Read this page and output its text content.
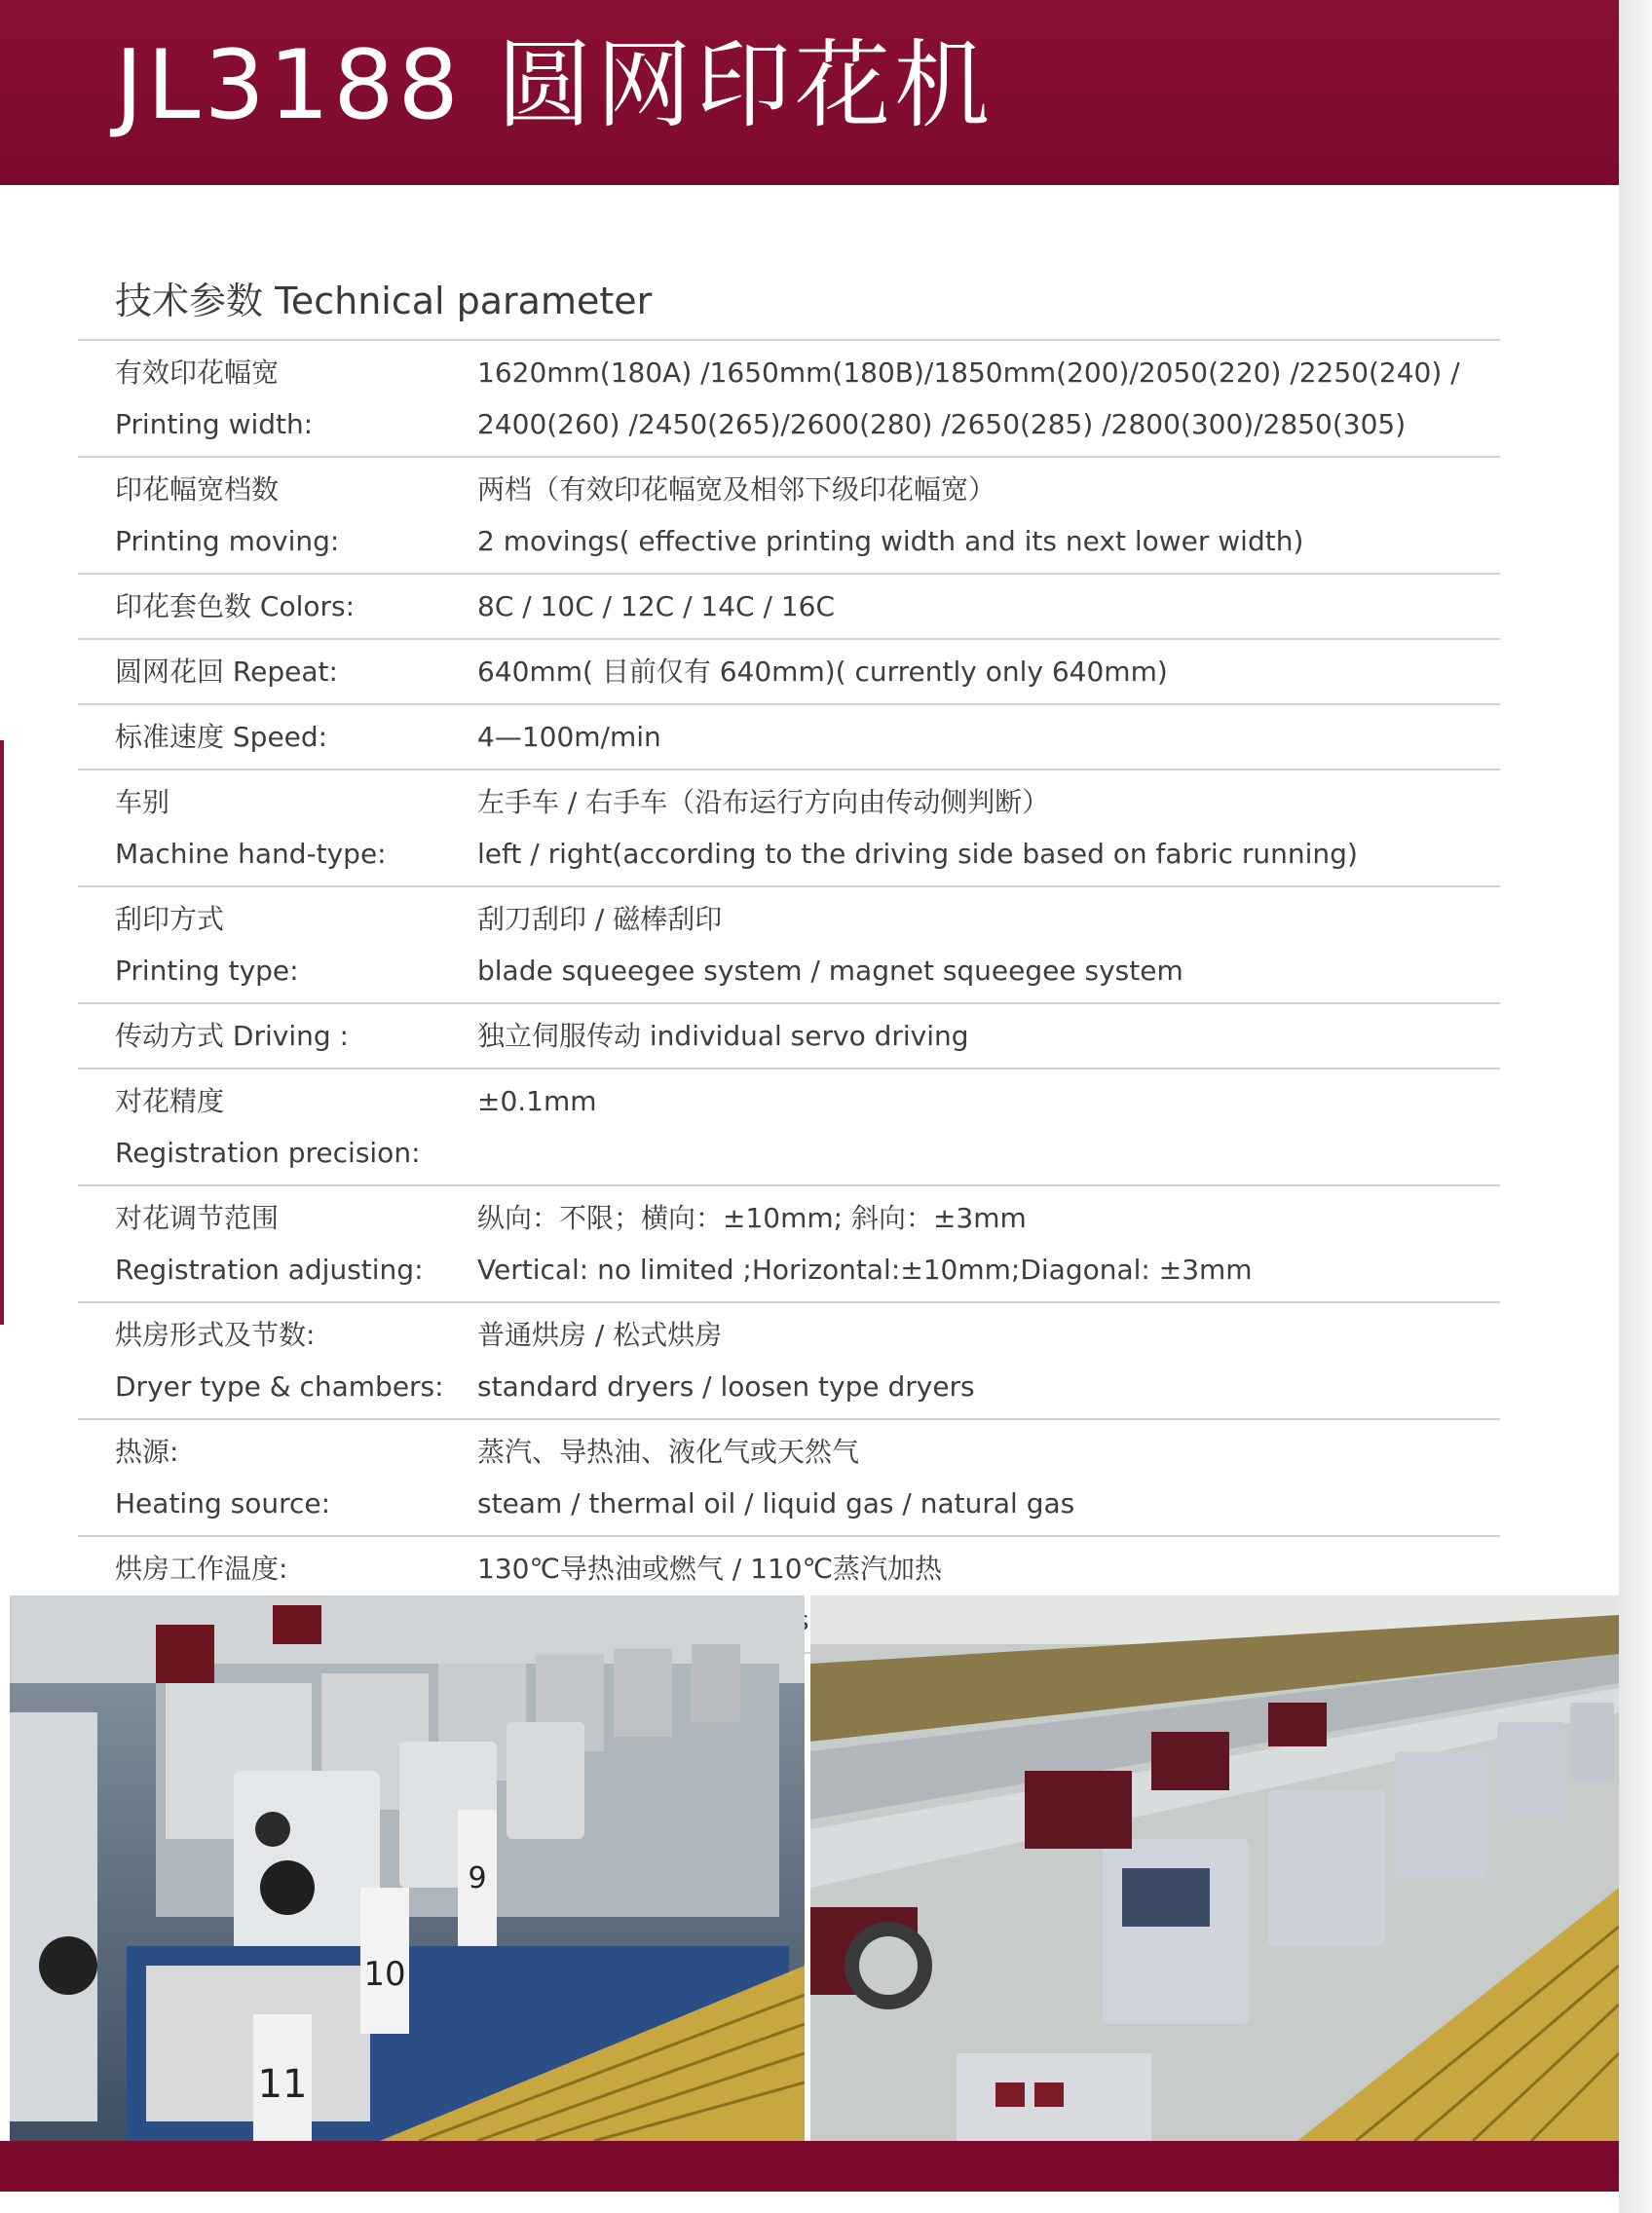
JL3188 圆网印花机
技术参数 Technical parameter
有效印花幅宽	1620mm(180A) /1650mm(180B)/1850mm(200)/2050(220) /2250(240) /
Printing width:	2400(260) /2450(265)/2600(280) /2650(285) /2800(300)/2850(305)
印花幅宽档数	两档（有效印花幅宽及相邻下级印花幅宽）
Printing moving:	2 movings( effective printing width and its next lower width)
印花套色数 Colors:	8C / 10C / 12C / 14C / 16C
圆网花回 Repeat:	640mm( 目前仅有 640mm)( currently only 640mm)
标准速度 Speed:	4—100m/min
车别	左手车 / 右手车（沿布运行方向由传动侧判断）
Machine hand-type:	left / right(according to the driving side based on fabric running)
刮印方式	刮刀刮印 / 磁棒刮印
Printing type:	blade squeegee system / magnet squeegee system
传动方式 Driving :	独立伺服传动 individual servo driving
对花精度	±0.1mm
Registration precision:
对花调节范围	纵向：不限；横向：±10mm; 斜向：±3mm
Registration adjusting: Vertical: no limited ;Horizontal:±10mm;Diagonal: ±3mm
烘房形式及节数:	普通烘房 / 松式烘房
Dryer type & chambers: standard dryers / loosen type dryers
热源:	蒸汽、导热油、液化气或天然气
Heating source:	steam / thermal oil / liquid gas / natural gas
烘房工作温度:	130℃导热油或燃气 / 110℃蒸汽加热
10
9
11
